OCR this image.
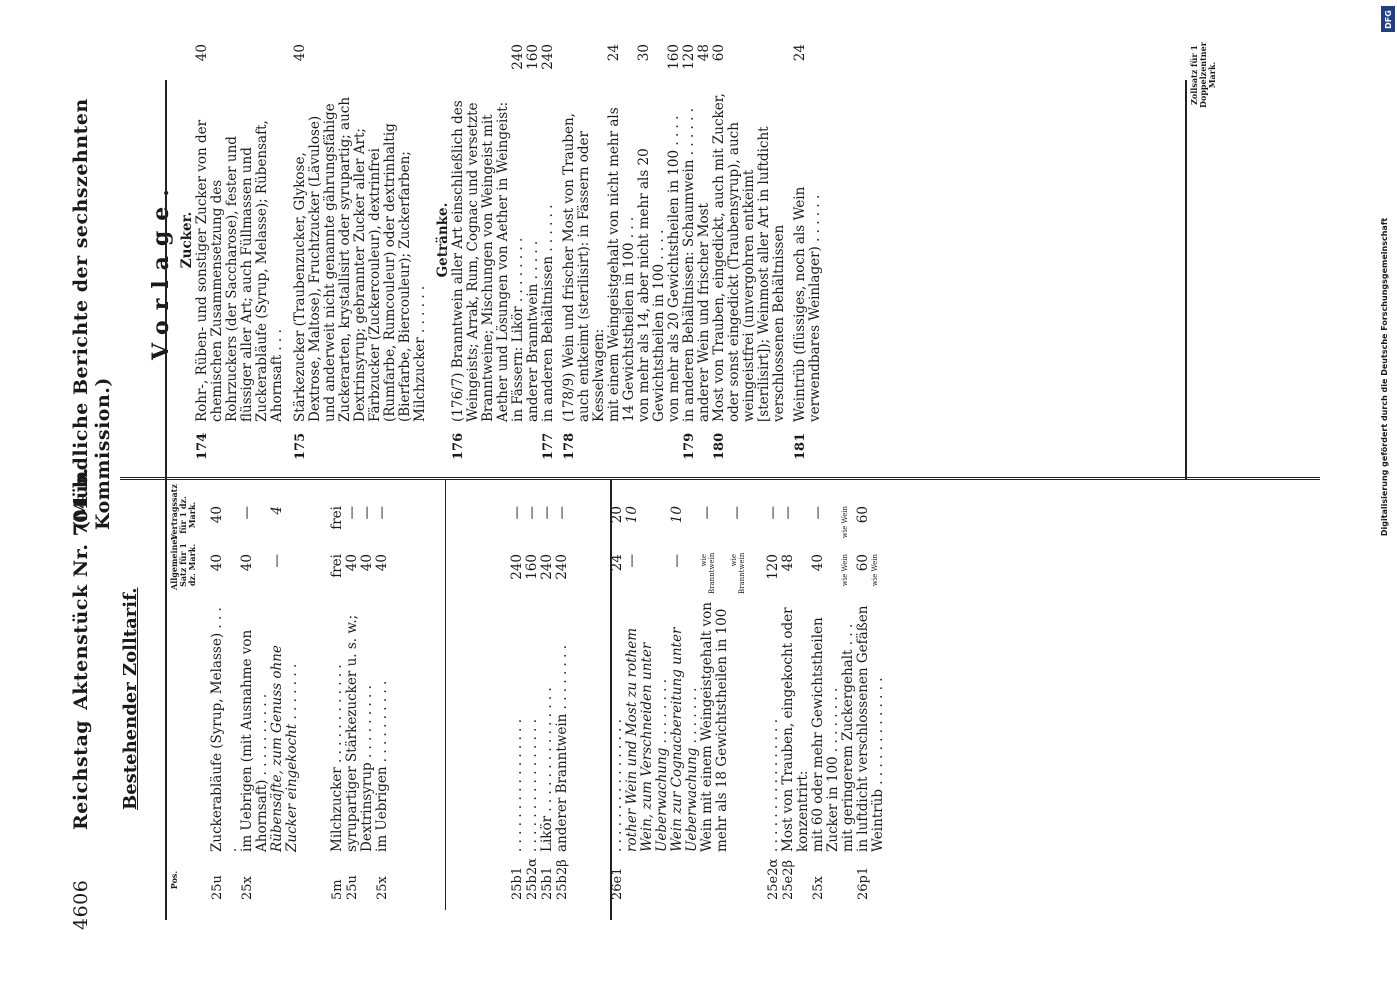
4606
Reichstag
Aktenstück Nr. 704 b.
(Mündliche Berichte der sechszehnten Kommission.)
Bestehender Zolltarif.
Vorlage.
Pos.
Allgemeiner Satz für 1 dz. Mark.
Vertragssatz für 1 dz. Mark.
25u
Zuckerabläufe (Syrup, Melasse) . . . .
40
40
25x
im Uebrigen (mit Ausnahme von Ahornsaft) . . . . . . . . . .
40
—
Rübensäfte, zum Genuss ohne Zucker eingekocht . . . . . . .
—
4
5m
Milchzucker . . . . . . . . . . . .
frei
frei
25u
syrupartiger Stärkezucker u. s. w.;
40
—
Dextrinsyrup . . . . . . . . .
40
—
25x
im Uebrigen . . . . . . . . . .
40
—
25b1
. . . . . . . . . . . . . . . .
240
—
25b2α
. . . . . . . . . . . . . . . .
160
—
25b1
Likör . . . . . . . . . . . . . . .
240
—
25b2β
anderer Branntwein . . . . . . . .
240
—
26e1
. . . . . . . . . . . . . . . .
24
20
rother Wein und Most zu rothem Wein, zum Verschneiden unter Ueberwachung . . . . . . . .
—
10
Wein zur Cognacbereitung unter Ueberwachung . . . . . . .
—
10
Wein mit einem Weingeistgehalt von mehr als 18 Gewichtstheilen in 100
wie Branntwein
—
wie Branntwein
—
25e2α
. . . . . . . . . . . . . . . .
120
—
25e2β
Most von Trauben, eingekocht oder konzentrirt:
48
—
25x
mit 60 oder mehr Gewichtstheilen Zucker in 100 . . . . . . . .
40
—
mit geringerem Zuckergehalt . . .
wie Wein
wie Wein
26p1
in luftdicht verschlossenen Gefäßen
60
60
Weintrüb . . . . . . . . . . . . .
wie Wein
Zollsatz für 1 Doppelzentner Mark.
Zucker.
174
Rohr-, Rüben- und sonstiger Zucker von der chemischen Zusammensetzung des Rohrzuckers (der Saccharose), fester und flüssiger aller Art; auch Füllmassen und Zuckerabläufe (Syrup, Melasse); Rübensaft, Ahornsaft . . .
40
175
Stärkezucker (Traubenzucker, Glykose, Dextrose, Maltose), Fruchtzucker (Lävulose) und anderweit nicht genannte gährungsfähige Zuckerarten, krystallisirt oder syrupartig; auch Dextrinsyrup; gebrannter Zucker aller Art; Färbzucker (Zuckercouleur), dextrinfrei (Rumfarbe, Rumcouleur) oder dextrinhaltig (Bierfarbe, Biercouleur); Zuckerfarben; Milchzucker . . . . . .
40
Getränke.
176
(176/7) Branntwein aller Art einschließlich des Weingeists; Arrak, Rum, Cognac und versetzte Branntweine; Mischungen von Weingeist mit Aether und Lösungen von Aether in Weingeist: in Fässern: Likör . . . . . . . .
240
anderer Branntwein . . . . .
160
177
in anderen Behältnissen . . . . . .
240
178
(178/9) Wein und frischer Most von Trauben, auch entkeimt (sterilisirt): in Fässern oder Kesselwagen: mit einem Weingeistgehalt von nicht mehr als 14 Gewichtstheilen in 100 . . .
24
von mehr als 14, aber nicht mehr als 20 Gewichtstheilen in 100 . . . .
30
von mehr als 20 Gewichtstheilen in 100 . . . .
160
179
in anderen Behältnissen: Schaumwein . . . . . .
120
anderer Wein und frischer Most
48
180
Most von Trauben, eingedickt, auch mit Zucker, oder sonst eingedickt (Traubensyrup), auch weingeistfrei (unvergohren entkeimt [sterilisirt]); Weinmost aller Art in luftdicht verschlossenen Behältnissen
60
181
Weintrüb (flüssiges, noch als Wein verwendbares Weinlager) . . . . . .
24
DFG
Digitalisierung gefördert durch die Deutsche Forschungsgemeinschaft
